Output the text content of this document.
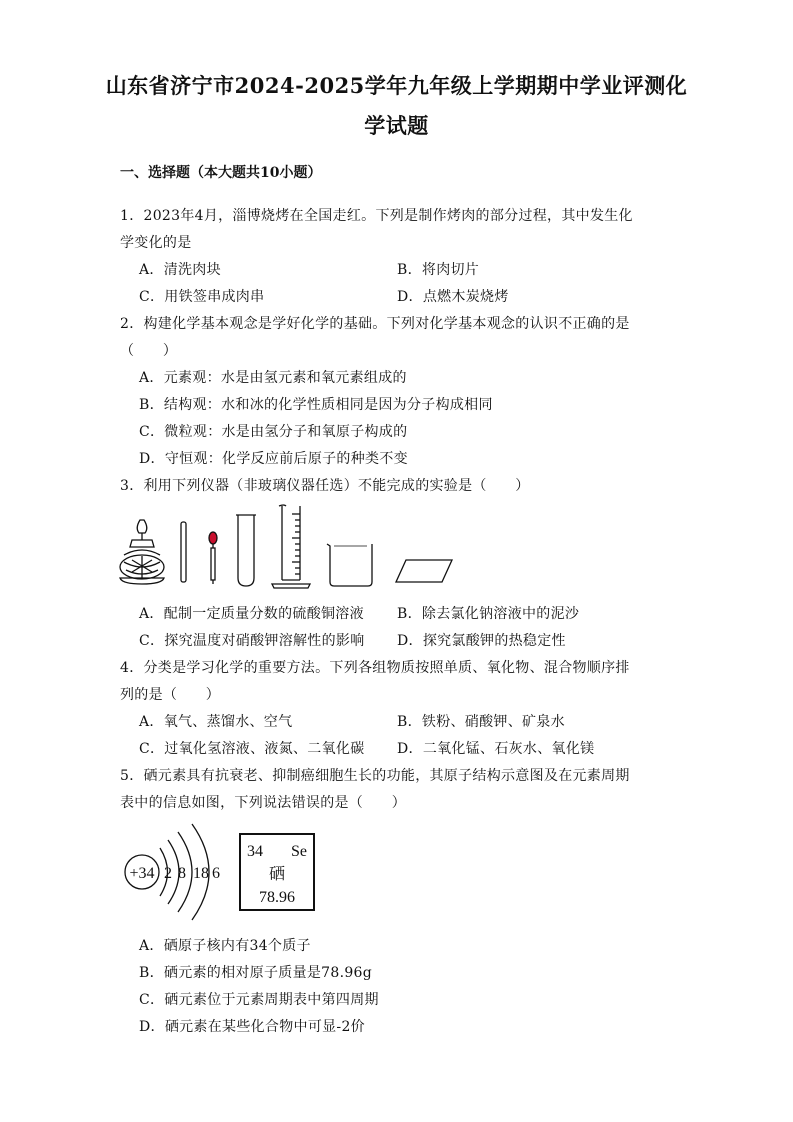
山东省济宁市2024-2025学年九年级上学期期中学业评测化
学试题
一、选择题（本大题共10小题）
1．2023年4月，淄博烧烤在全国走红。下列是制作烤肉的部分过程，其中发生化
学变化的是
A．清洗肉块	B．将肉切片
C．用铁签串成肉串	D．点燃木炭烧烤
2．构建化学基本观念是学好化学的基础。下列对化学基本观念的认识不正确的是
（　　）
A．元素观：水是由氢元素和氧元素组成的
B．结构观：水和冰的化学性质相同是因为分子构成相同
C．微粒观：水是由氢分子和氧原子构成的
D．守恒观：化学反应前后原子的种类不变
3．利用下列仪器（非玻璃仪器任选）不能完成的实验是（　　）
A．配制一定质量分数的硫酸铜溶液 B．除去氯化钠溶液中的泥沙
C．探究温度对硝酸钾溶解性的影响 D．探究氯酸钾的热稳定性
4．分类是学习化学的重要方法。下列各组物质按照单质、氧化物、混合物顺序排
列的是（　　）
A．氧气、蒸馏水、空气	B．铁粉、硝酸钾、矿泉水
C．过氧化氢溶液、液氮、二氧化碳 D．二氧化锰、石灰水、氧化镁
5．硒元素具有抗衰老、抑制癌细胞生长的功能，其原子结构示意图及在元素周期
表中的信息如图，下列说法错误的是（　　）
+34 2 8 18 6
34 Se
硒
78.96
A．硒原子核内有34个质子
B．硒元素的相对原子质量是78.96g
C．硒元素位于元素周期表中第四周期
D．硒元素在某些化合物中可显-2价
